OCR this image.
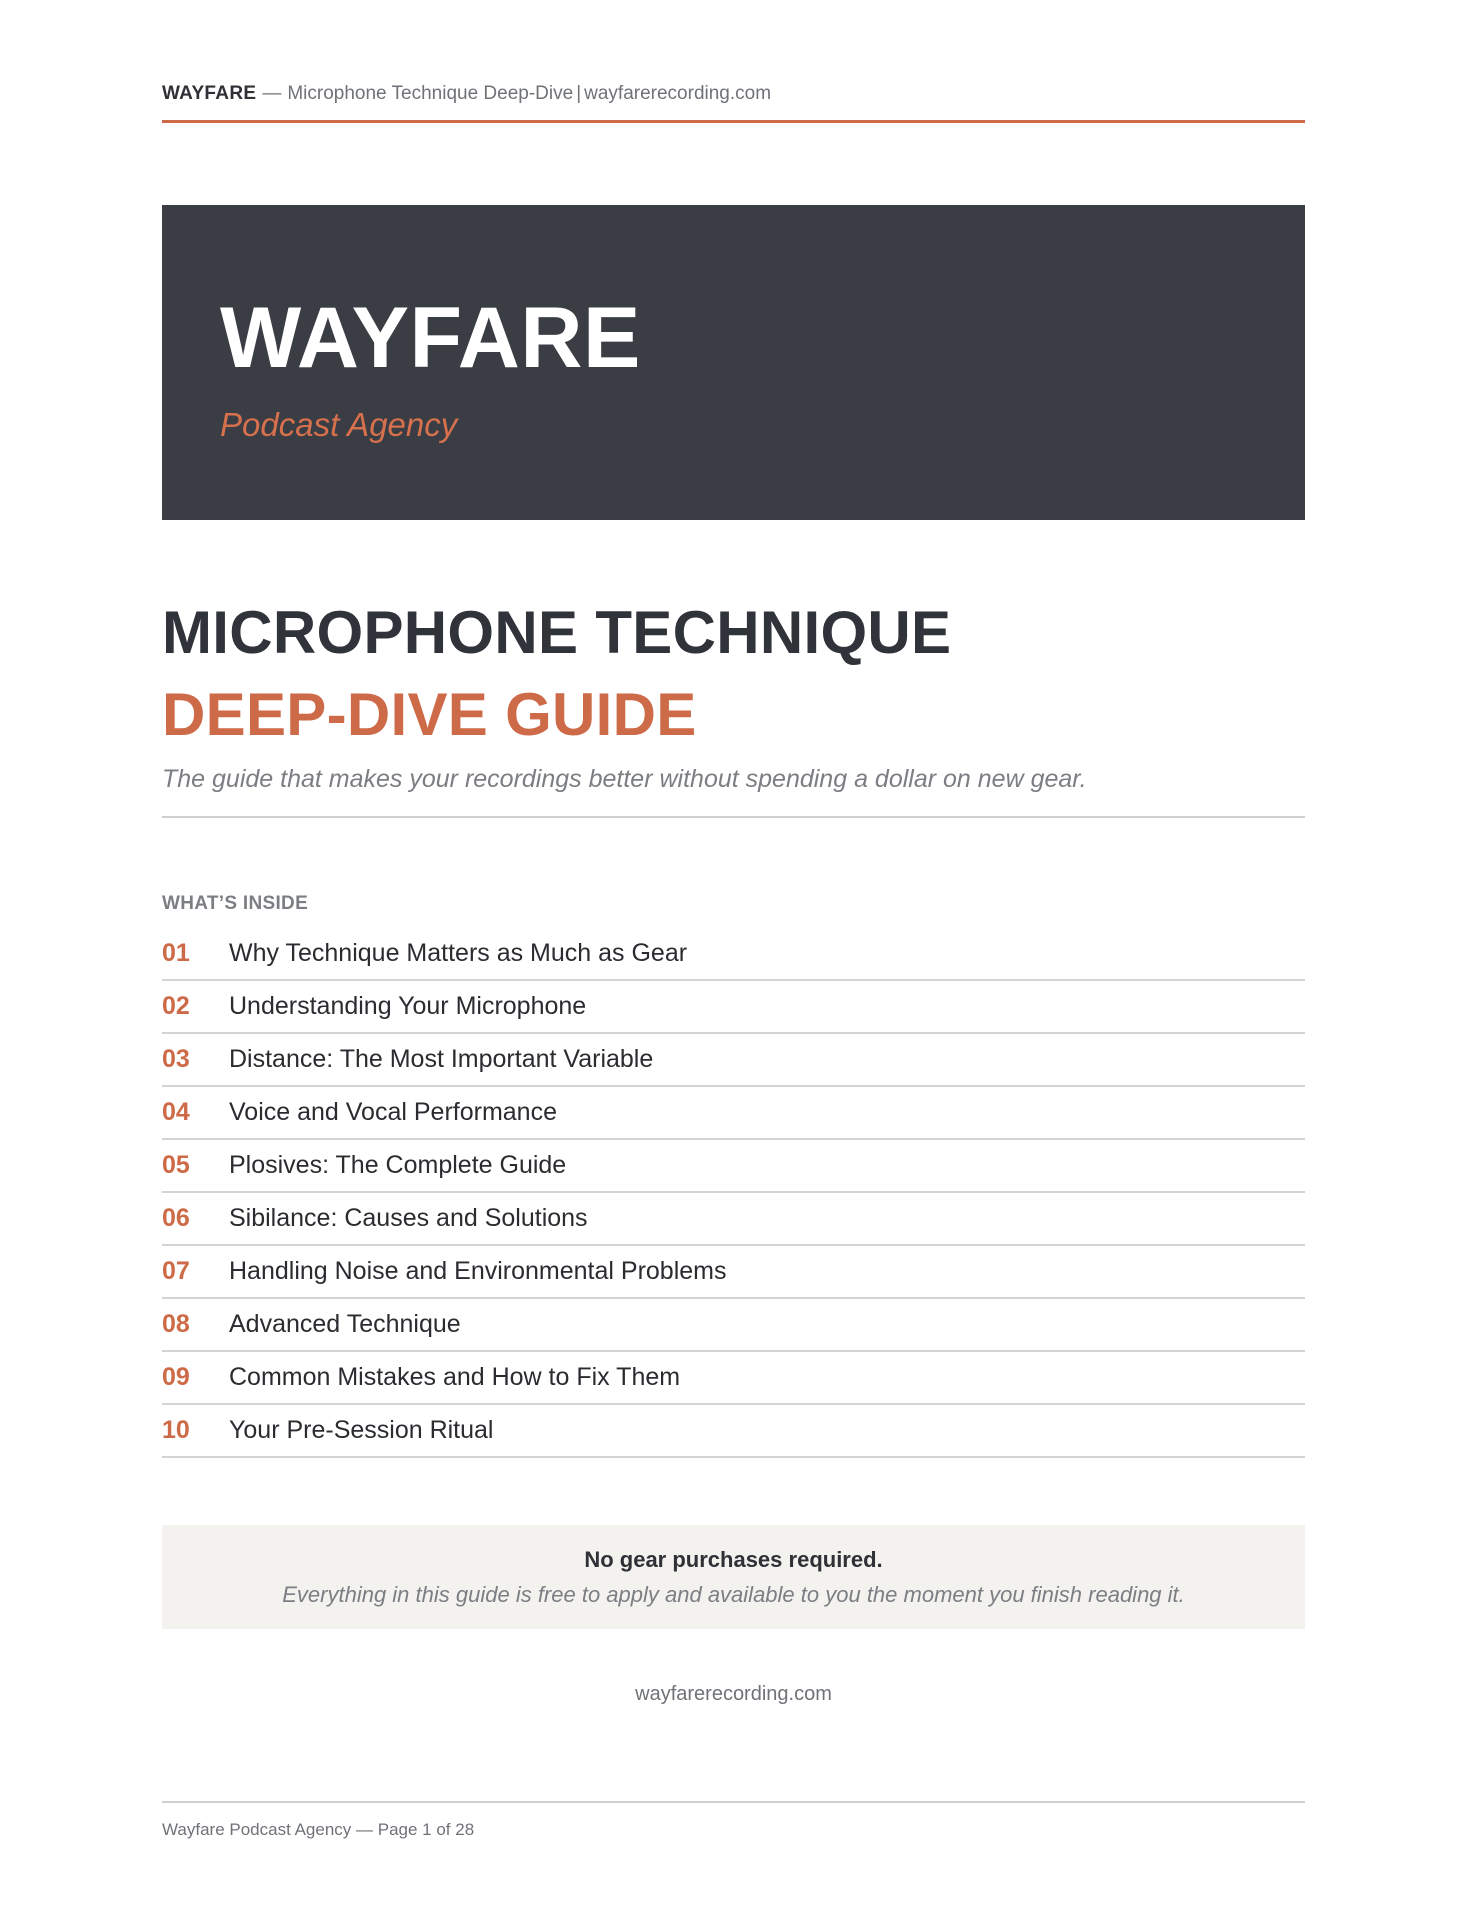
WAYFARE — Microphone Technique Deep-Dive | wayfarerecording.com
WAYFARE
Podcast Agency
MICROPHONE TECHNIQUE
DEEP-DIVE GUIDE
The guide that makes your recordings better without spending a dollar on new gear.
WHAT’S INSIDE
01 Why Technique Matters as Much as Gear
02 Understanding Your Microphone
03 Distance: The Most Important Variable
04 Voice and Vocal Performance
05 Plosives: The Complete Guide
06 Sibilance: Causes and Solutions
07 Handling Noise and Environmental Problems
08 Advanced Technique
09 Common Mistakes and How to Fix Them
10 Your Pre-Session Ritual
No gear purchases required.
Everything in this guide is free to apply and available to you the moment you finish reading it.
wayfarerecording.com
Wayfare Podcast Agency — Page 1 of 28
